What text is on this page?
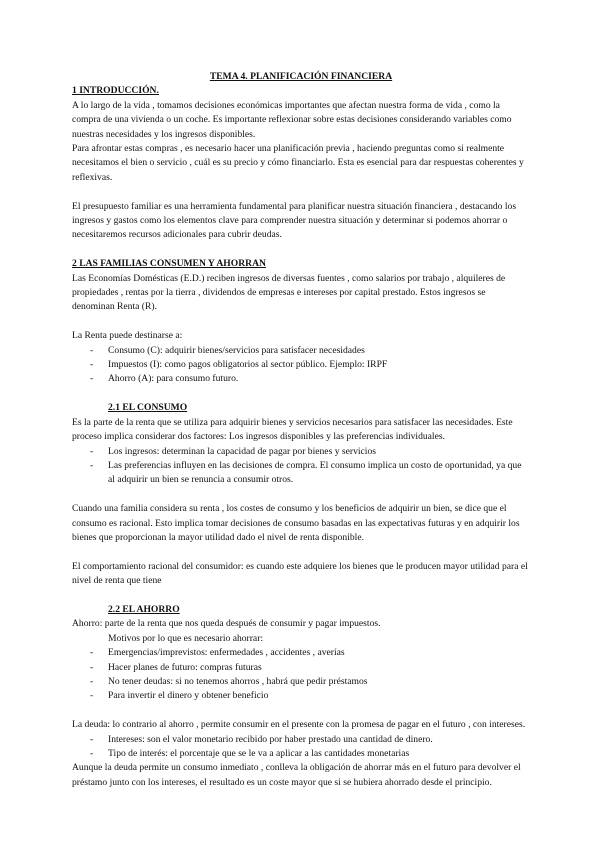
TEMA 4. PLANIFICACIÓN FINANCIERA

1 INTRODUCCIÓN.

A lo largo de la vida , tomamos decisiones económicas importantes que afectan nuestra forma de vida , como la compra de una vivienda o un coche. Es importante reflexionar sobre estas decisiones considerando variables como nuestras necesidades y los ingresos disponibles.

Para afrontar estas compras , es necesario hacer una planificación previa , haciendo preguntas como si realmente necesitamos el bien o servicio , cuál es su precio y cómo financiarlo. Esta es esencial para dar respuestas coherentes y reflexivas.

El presupuesto familiar es una herramienta fundamental para planificar nuestra situación financiera , destacando los ingresos y gastos como los elementos clave para comprender nuestra situación y determinar si podemos ahorrar o necesitaremos recursos adicionales para cubrir deudas.

2 LAS FAMILIAS CONSUMEN Y AHORRAN

Las Economías Domésticas (E.D.) reciben ingresos de diversas fuentes , como salarios por trabajo , alquileres de propiedades , rentas por la tierra , dividendos de empresas e intereses por capital prestado. Estos ingresos se denominan Renta (R).

La Renta puede destinarse a:

- Consumo (C): adquirir bienes/servicios para satisfacer necesidades
- Impuestos (I): como pagos obligatorios al sector público. Ejemplo: IRPF
- Ahorro (A): para consumo futuro.

2.1 EL CONSUMO

Es la parte de la renta que se utiliza para adquirir bienes y servicios necesarios para satisfacer las necesidades. Este proceso implica considerar dos factores: Los ingresos disponibles y las preferencias individuales.

- Los ingresos: determinan la capacidad de pagar por bienes y servicios
- Las preferencias influyen en las decisiones de compra. El consumo implica un costo de oportunidad, ya que al adquirir un bien se renuncia a consumir otros.

Cuando una familia considera su renta , los costes de consumo y los beneficios de adquirir un bien, se dice que el consumo es racional. Esto implica tomar decisiones de consumo basadas en las expectativas futuras y en adquirir los bienes que proporcionan la mayor utilidad dado el nivel de renta disponible.

El comportamiento racional del consumidor: es cuando este adquiere los bienes que le producen mayor utilidad para el nivel de renta que tiene

2.2 EL AHORRO

Ahorro: parte de la renta que nos queda después de consumir y pagar impuestos.

Motivos por lo que es necesario ahorrar:

- Emergencias/imprevistos: enfermedades , accidentes , averías
- Hacer planes de futuro: compras futuras
- No tener deudas: si no tenemos ahorros , habrá que pedir préstamos
- Para invertir el dinero y obtener beneficio

La deuda: lo contrario al ahorro , permite consumir en el presente con la promesa de pagar en el futuro , con intereses.

- Intereses: son el valor monetario recibido por haber prestado una cantidad de dinero.
- Tipo de interés: el porcentaje que se le va a aplicar a las cantidades monetarias

Aunque la deuda permite un consumo inmediato , conlleva la obligación de ahorrar más en el futuro para devolver el préstamo junto con los intereses, el resultado es un coste mayor que si se hubiera ahorrado desde el principio.
